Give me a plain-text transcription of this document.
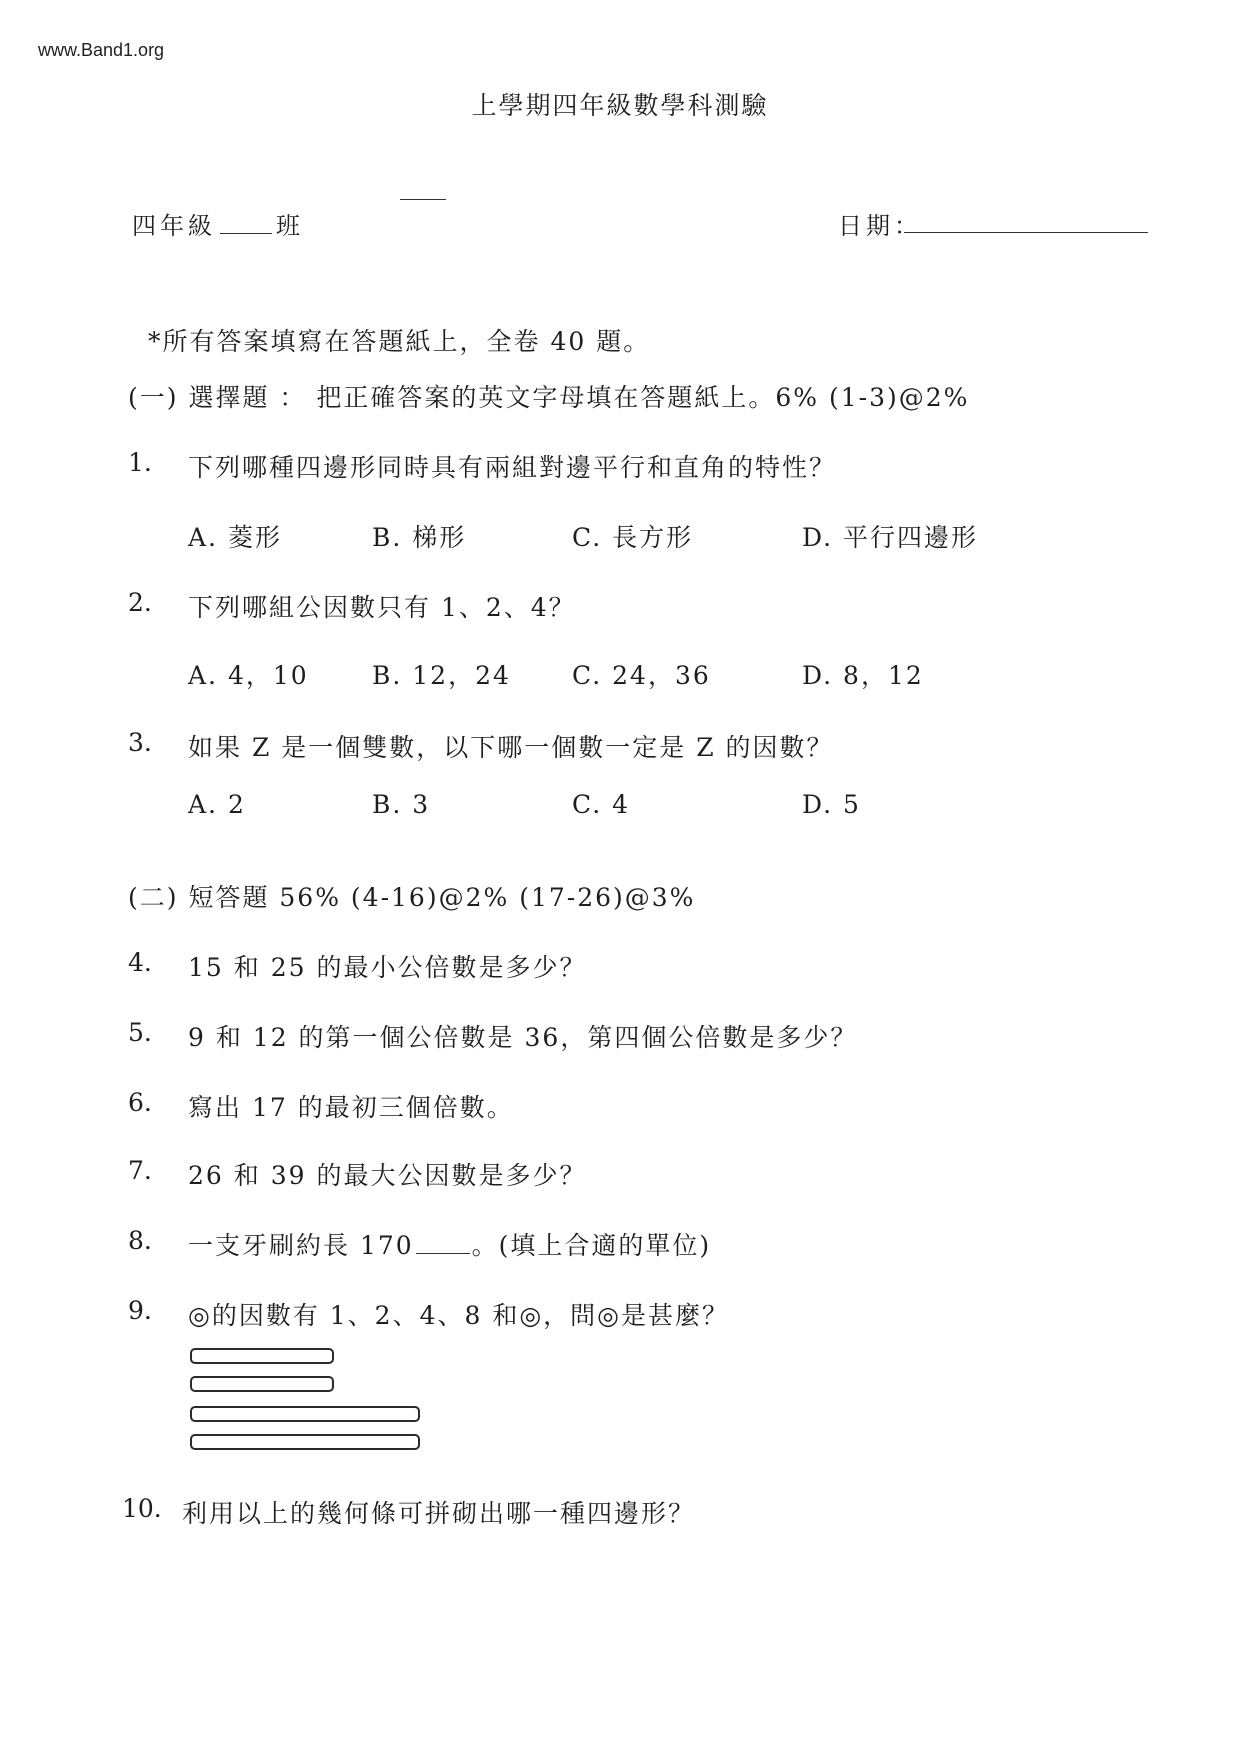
www.Band1.org
上學期四年級數學科測驗
四年級	班	日期：
*所有答案填寫在答題紙上，全卷 40 題。
(一) 選擇題 ： 把正確答案的英文字母填在答題紙上。6% (1-3)@2%
1. 下列哪種四邊形同時具有兩組對邊平行和直角的特性？
A. 菱形	B. 梯形	C. 長方形	D. 平行四邊形
2. 下列哪組公因數只有 1、2、4？
A. 4，10	B. 12，24 C. 24，36	D. 8，12
3. 如果 Z 是一個雙數，以下哪一個數一定是 Z 的因數？
A. 2	B. 3	C. 4	D. 5
(二) 短答題 56% (4-16)@2% (17-26)@3%
4. 15 和 25 的最小公倍數是多少？
5. 9 和 12 的第一個公倍數是 36，第四個公倍數是多少？
6. 寫出 17 的最初三個倍數。
7. 26 和 39 的最大公因數是多少？
8. 一支牙刷約長 170 。(填上合適的單位)
9. ◎的因數有 1、2、4、8 和◎，問◎是甚麼？
10. 利用以上的幾何條可拼砌出哪一種四邊形？
